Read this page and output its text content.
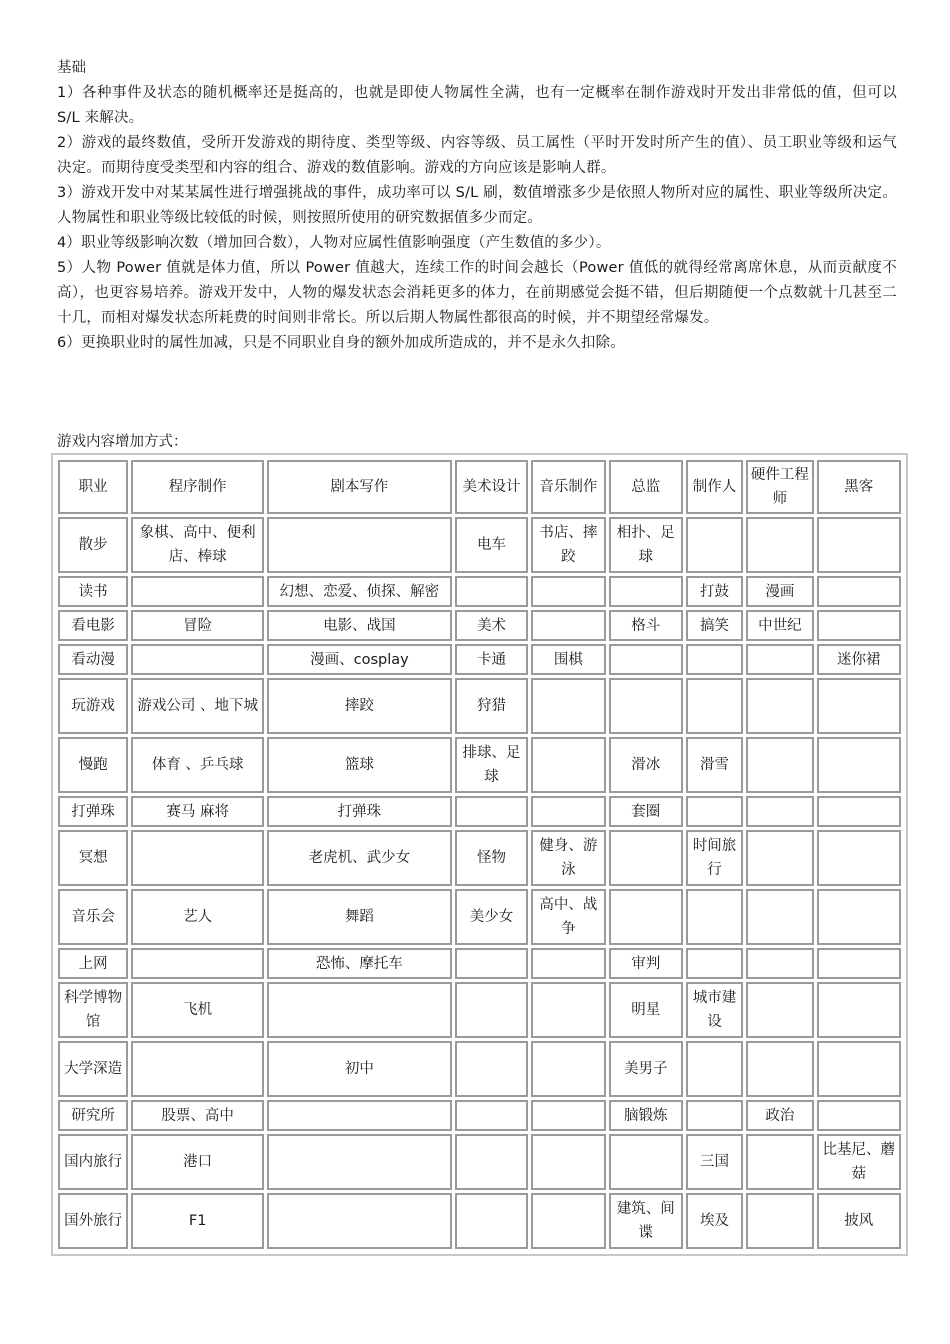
基础

1）各种事件及状态的随机概率还是挺高的，也就是即使人物属性全满，也有一定概率在制作游戏时开发出非常低的值，但可以 S/L 来解决。

2）游戏的最终数值，受所开发游戏的期待度、类型等级、内容等级、员工属性（平时开发时所产生的值）、员工职业等级和运气决定。而期待度受类型和内容的组合、游戏的数值影响。游戏的方向应该是影响人群。

3）游戏开发中对某某属性进行增强挑战的事件，成功率可以 S/L 刷，数值增涨多少是依照人物所对应的属性、职业等级所决定。人物属性和职业等级比较低的时候，则按照所使用的研究数据值多少而定。

4）职业等级影响次数（增加回合数），人物对应属性值影响强度（产生数值的多少）。

5）人物 Power 值就是体力值，所以 Power 值越大，连续工作的时间会越长（Power 值低的就得经常离席休息，从而贡献度不高），也更容易培养。游戏开发中，人物的爆发状态会消耗更多的体力，在前期感觉会挺不错，但后期随便一个点数就十几甚至二十几，而相对爆发状态所耗费的时间则非常长。所以后期人物属性都很高的时候，并不期望经常爆发。

6）更换职业时的属性加减，只是不同职业自身的额外加成所造成的，并不是永久扣除。

游戏内容增加方式：
职业	程序制作	剧本写作	美术设计	音乐制作	总监	制作人	硬件工程师	黑客
散步	象棋、高中、便利店、棒球		电车	书店、摔跤	相扑、足球			
读书		幻想、恋爱、侦探、解密				打鼓	漫画	
看电影	冒险	电影、战国	美术		格斗	搞笑	中世纪	
看动漫		漫画、cosplay	卡通	围棋				迷你裙
玩游戏	游戏公司 、地下城	摔跤	狩猎					
慢跑	体育 、乒乓球	篮球	排球、足球		滑冰	滑雪		
打弹珠	赛马 麻将	打弹珠			套圈			
冥想		老虎机、武少女	怪物	健身、游泳		时间旅行		
音乐会	艺人	舞蹈	美少女	高中、战争				
上网		恐怖、摩托车			审判			
科学博物馆	飞机				明星	城市建设		
大学深造		初中			美男子			
研究所	股票、高中				脑锻炼		政治	
国内旅行	港口					三国		比基尼、蘑菇
国外旅行	F1				建筑、间谍	埃及		披风
